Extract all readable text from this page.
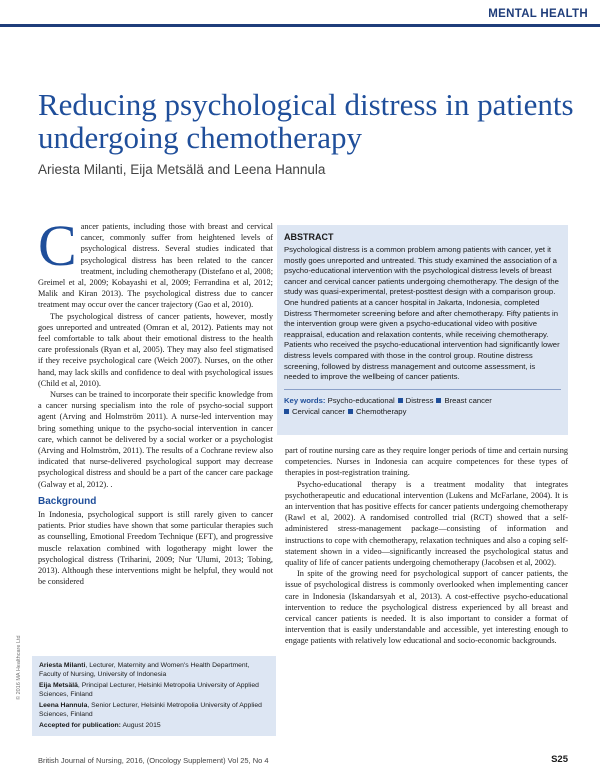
MENTAL HEALTH
Reducing psychological distress in patients undergoing chemotherapy
Ariesta Milanti, Eija Metsälä and Leena Hannula
C ancer patients, including those with breast and cervical cancer, commonly suffer from heightened levels of psychological distress. Several studies indicated that psychological distress has been related to the cancer treatment, including chemotherapy (Distefano et al, 2008; Greimel et al, 2009; Kobayashi et al, 2009; Ferrandina et al, 2012; Malik and Kiran 2013). The psychological distress due to cancer treatment may occur over the cancer trajectory (Gao et al, 2010).

The psychological distress of cancer patients, however, mostly goes unreported and untreated (Omran et al, 2012). Patients may not feel comfortable to talk about their emotional distress to the health care professionals (Ryan et al, 2005). They may also feel stigmatised if they receive psychological care (Weich 2007). Nurses, on the other hand, may lack skills and confidence to deal with psychological issues (Child et al, 2010).

Nurses can be trained to incorporate their specific knowledge from a cancer nursing specialism into the role of psycho-social support agent (Arving and Holmström 2011). A nurse-led intervention may bring something unique to the psycho-social intervention in cancer care, which cannot be delivered by a social worker or a psychologist (Arving and Holmström, 2011). The results of a Cochrane review also indicated that nurse-delivered psychological support may decrease psychological distress and should be a part of the cancer care package (Galway et al, 2012). .

Background

In Indonesia, psychological support is still rarely given to cancer patients. Prior studies have shown that some particular therapies such as counselling, Emotional Freedom Technique (EFT), and progressive muscle relaxation combined with logotherapy might lower the psychological distress (Triharini, 2009; Nur 'Ulumi, 2013; Tobing, 2013). Although these interventions might be helpful, they would not be considered

ABSTRACT
Psychological distress is a common problem among patients with cancer, yet it mostly goes unreported and untreated. This study examined the association of a psycho-educational intervention with the psychological distress levels of breast cancer and cervical cancer patients undergoing chemotherapy. The design of the study was quasi-experimental, pretest-posttest design with a comparison group. One hundred patients at a cancer hospital in Jakarta, Indonesia, completed Distress Thermometer screening before and after chemotherapy. Fifty patients in the intervention group were given a psycho-educational video with positive reappraisal, education and relaxation contents, while receiving chemotherapy. Patients who received the psycho-educational intervention had significantly lower distress levels compared with those in the control group. Routine distress screening, followed by distress management and outcome assessment, is needed to improve the wellbeing of cancer patients.
Key words: Psycho-educational Distress Breast cancer
Cervical cancer Chemotherapy

part of routine nursing care as they require longer periods of time and certain nursing competencies. Nurses in Indonesia can acquire competences for these types of therapies in post-registration training.

Psycho-educational therapy is a treatment modality that integrates psychotherapeutic and educational intervention (Lukens and McFarlane, 2004). It is an intervention that has positive effects for cancer patients undergoing chemotherapy (Rawl et al, 2002). A randomised controlled trial (RCT) showed that a self-administered stress-management package—consisting of information and instructions to cope with chemotherapy, relaxation techniques and also a coping self-statement shown in a video—significantly increased the psychological status and quality of life of cancer patients undergoing chemotherapy (Jacobsen et al, 2002).

In spite of the growing need for psychological support of cancer patients, the issue of psychological distress is commonly overlooked when implementing cancer care in Indonesia (Iskandarsyah et al, 2013). A cost-effective psycho-educational intervention to reduce the psychological distress experienced by all breast and cervical cancer patients is needed. It is also important to consider a format of intervention that is easily understandable and accessible, yet interesting enough to engage patients with relatively low educational and socio-economic backgrounds.

Ariesta Milanti, Lecturer, Maternity and Women's Health Department, Faculty of Nursing, University of Indonesia

Eija Metsälä, Principal Lecturer, Helsinki Metropolia University of Applied Sciences, Finland

Leena Hannula, Senior Lecturer, Helsinki Metropolia University of Applied Sciences, Finland

Accepted for publication: August 2015

© 2016 MA Healthcare Ltd
British Journal of Nursing, 2016, (Oncology Supplement) Vol 25, No 4	S25
